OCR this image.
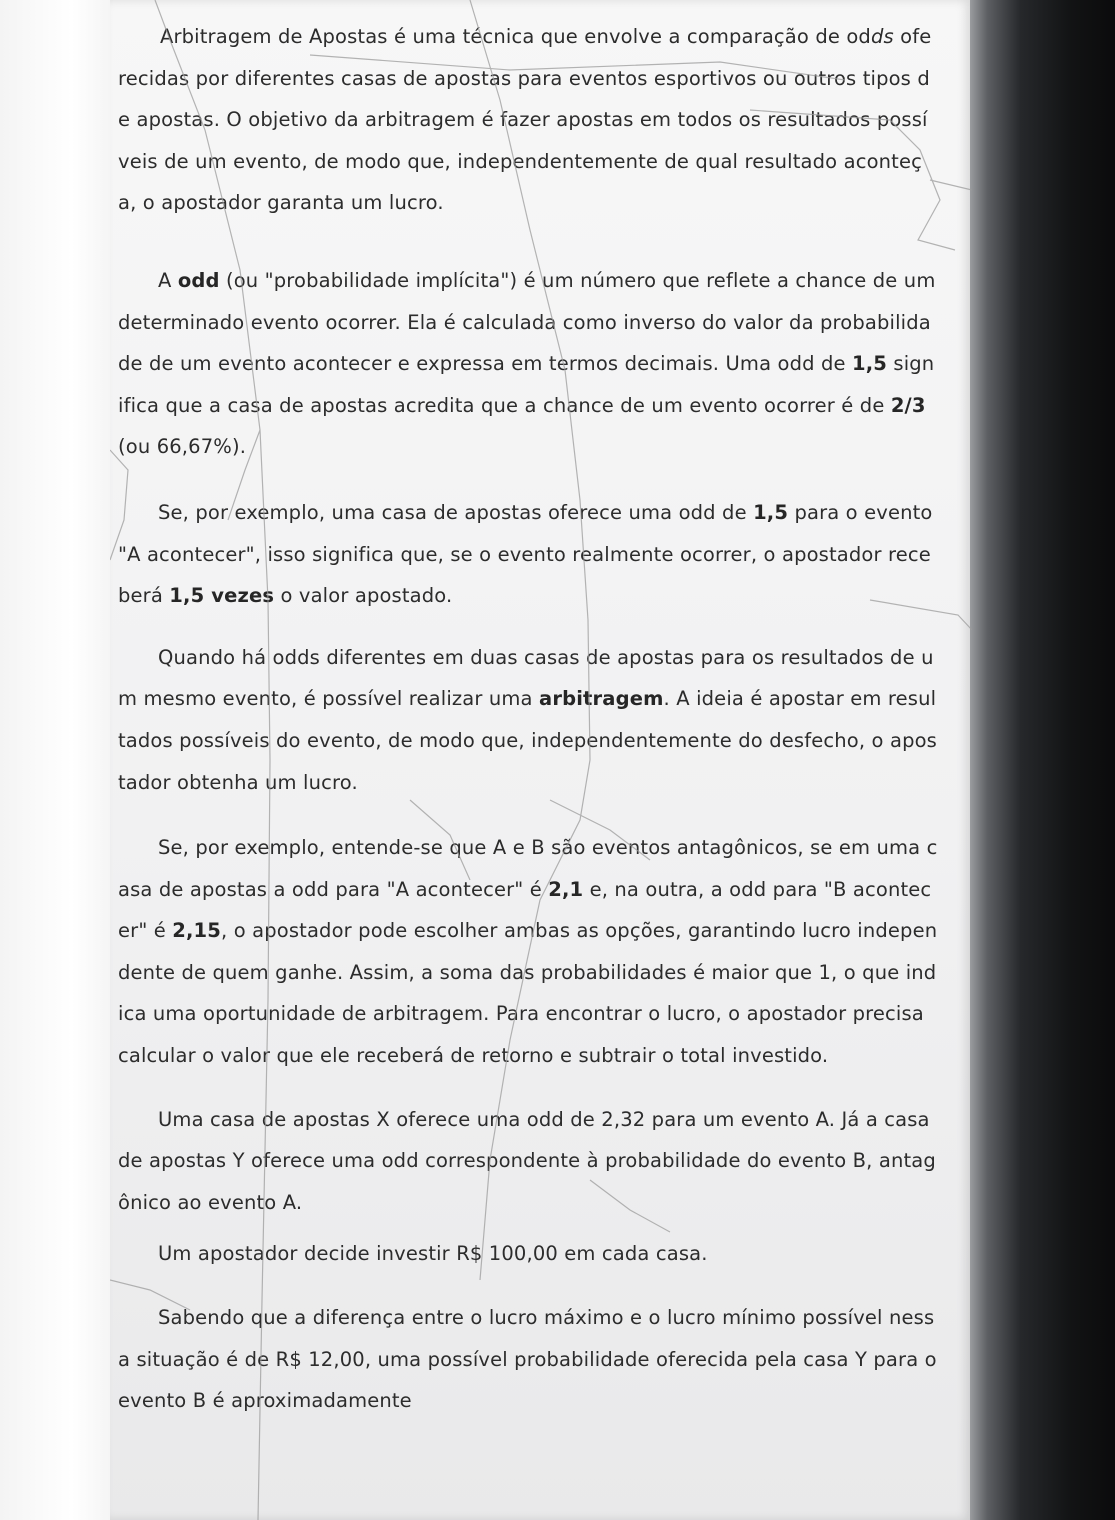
Arbitragem de Apostas é uma técnica que envolve a comparação de odds oferecidas por diferentes casas de apostas para eventos esportivos ou outros tipos de apostas. O objetivo da arbitragem é fazer apostas em todos os resultados possíveis de um evento, de modo que, independentemente de qual resultado aconteça, o apostador garanta um lucro.

A odd (ou "probabilidade implícita") é um número que reflete a chance de um determinado evento ocorrer. Ela é calculada como inverso do valor da probabilidade de um evento acontecer e expressa em termos decimais. Uma odd de 1,5 significa que a casa de apostas acredita que a chance de um evento ocorrer é de 2/3 (ou 66,67%).

Se, por exemplo, uma casa de apostas oferece uma odd de 1,5 para o evento "A acontecer", isso significa que, se o evento realmente ocorrer, o apostador receberá 1,5 vezes o valor apostado.

Quando há odds diferentes em duas casas de apostas para os resultados de um mesmo evento, é possível realizar uma arbitragem. A ideia é apostar em resultados possíveis do evento, de modo que, independentemente do desfecho, o apostador obtenha um lucro.

Se, por exemplo, entende-se que A e B são eventos antagônicos, se em uma casa de apostas a odd para "A acontecer" é 2,1 e, na outra, a odd para "B acontecer" é 2,15, o apostador pode escolher ambas as opções, garantindo lucro independente de quem ganhe. Assim, a soma das probabilidades é maior que 1, o que indica uma oportunidade de arbitragem. Para encontrar o lucro, o apostador precisa calcular o valor que ele receberá de retorno e subtrair o total investido.

Uma casa de apostas X oferece uma odd de 2,32 para um evento A. Já a casa de apostas Y oferece uma odd correspondente à probabilidade do evento B, antagônico ao evento A.

Um apostador decide investir R$ 100,00 em cada casa.

Sabendo que a diferença entre o lucro máximo e o lucro mínimo possível nessa situação é de R$ 12,00, uma possível probabilidade oferecida pela casa Y para o evento B é aproximadamente
